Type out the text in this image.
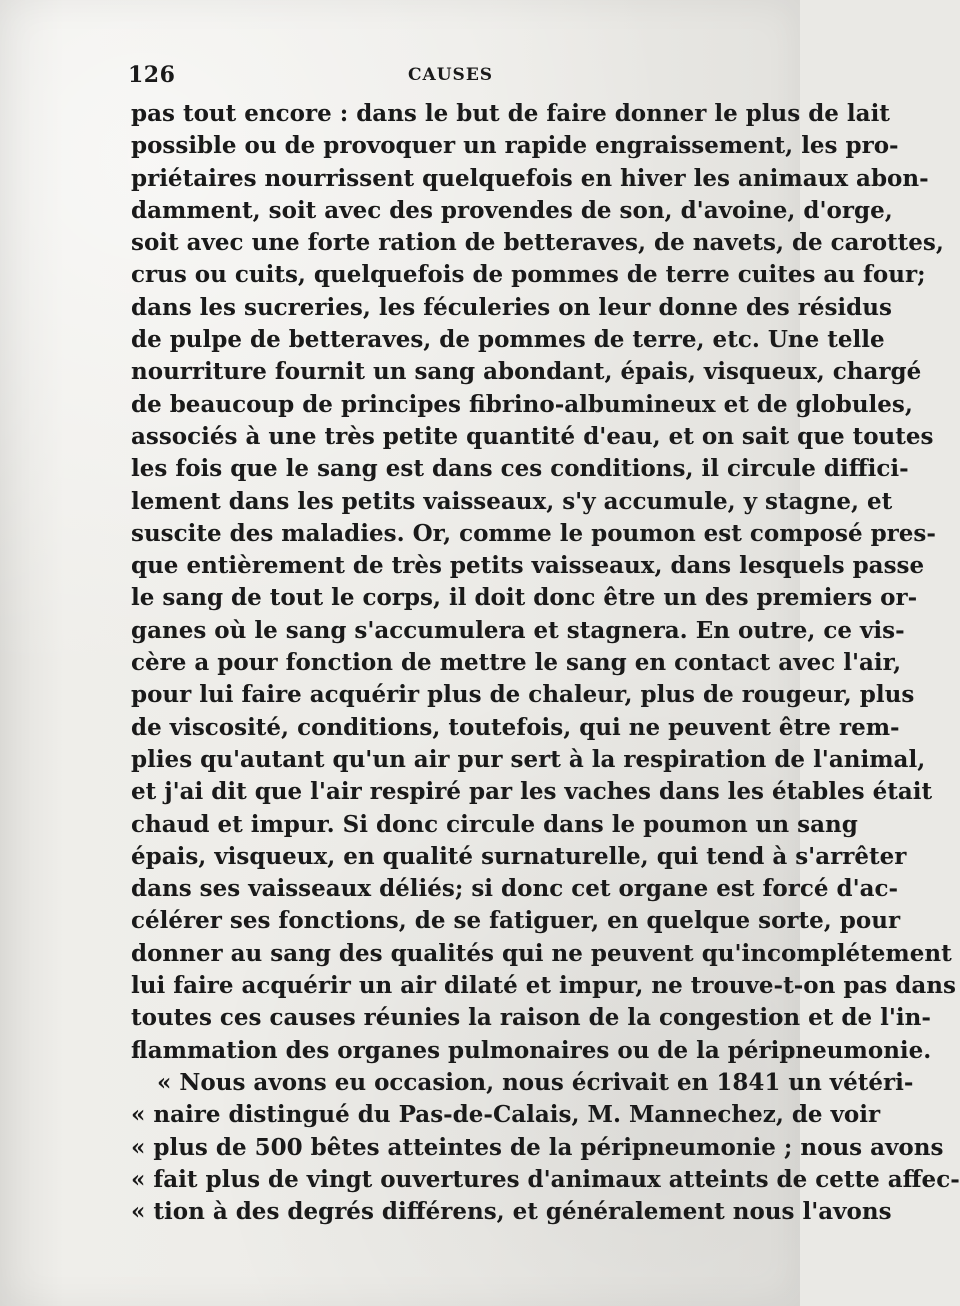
126	CAUSES
pas tout encore : dans le but de faire donner le plus de lait
possible ou de provoquer un rapide engraissement, les pro-
priétaires nourrissent quelquefois en hiver les animaux abon-
damment, soit avec des provendes de son, d'avoine, d'orge,
soit avec une forte ration de betteraves, de navets, de carottes,
crus ou cuits, quelquefois de pommes de terre cuites au four;
dans les sucreries, les féculeries on leur donne des résidus
de pulpe de betteraves, de pommes de terre, etc. Une telle
nourriture fournit un sang abondant, épais, visqueux, chargé
de beaucoup de principes fibrino-albumineux et de globules,
associés à une très petite quantité d'eau, et on sait que toutes
les fois que le sang est dans ces conditions, il circule diffici-
lement dans les petits vaisseaux, s'y accumule, y stagne, et
suscite des maladies. Or, comme le poumon est composé pres-
que entièrement de très petits vaisseaux, dans lesquels passe
le sang de tout le corps, il doit donc être un des premiers or-
ganes où le sang s'accumulera et stagnera. En outre, ce vis-
cère a pour fonction de mettre le sang en contact avec l'air,
pour lui faire acquérir plus de chaleur, plus de rougeur, plus
de viscosité, conditions, toutefois, qui ne peuvent être rem-
plies qu'autant qu'un air pur sert à la respiration de l'animal,
et j'ai dit que l'air respiré par les vaches dans les étables était
chaud et impur. Si donc circule dans le poumon un sang
épais, visqueux, en qualité surnaturelle, qui tend à s'arrêter
dans ses vaisseaux déliés; si donc cet organe est forcé d'ac-
célérer ses fonctions, de se fatiguer, en quelque sorte, pour
donner au sang des qualités qui ne peuvent qu'incomplétement
lui faire acquérir un air dilaté et impur, ne trouve-t-on pas dans
toutes ces causes réunies la raison de la congestion et de l'in-
flammation des organes pulmonaires ou de la péripneumonie.
« Nous avons eu occasion, nous écrivait en 1841 un vétéri-
« naire distingué du Pas-de-Calais, M. Mannechez, de voir
« plus de 500 bêtes atteintes de la péripneumonie ; nous avons
« fait plus de vingt ouvertures d'animaux atteints de cette affec-
« tion à des degrés différens, et généralement nous l'avons
